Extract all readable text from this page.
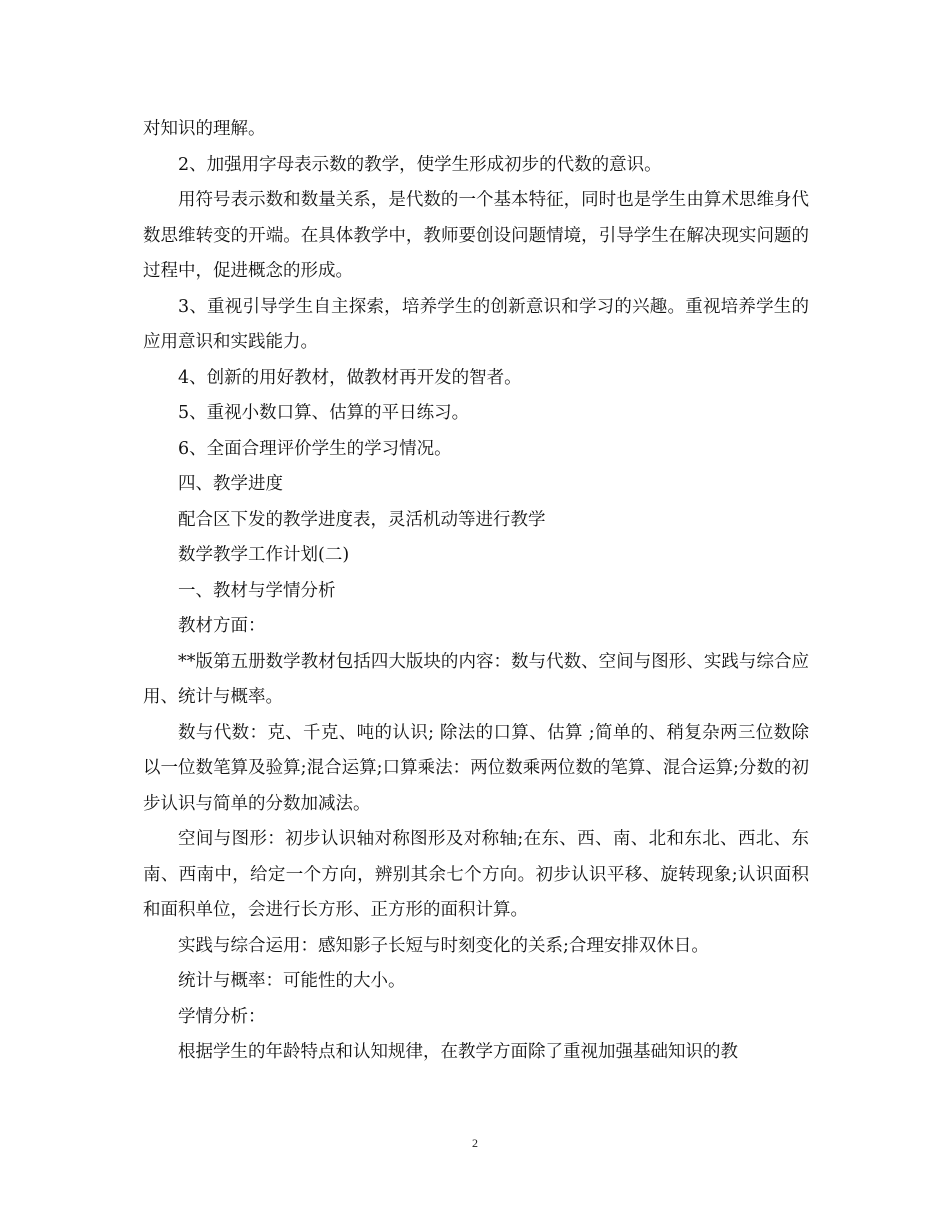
对知识的理解。

2、加强用字母表示数的教学，使学生形成初步的代数的意识。

用符号表示数和数量关系，是代数的一个基本特征，同时也是学生由算术思维身代数思维转变的开端。在具体教学中，教师要创设问题情境，引导学生在解决现实问题的过程中，促进概念的形成。

3、重视引导学生自主探索，培养学生的创新意识和学习的兴趣。重视培养学生的应用意识和实践能力。

4、创新的用好教材，做教材再开发的智者。

5、重视小数口算、估算的平日练习。

6、全面合理评价学生的学习情况。

四、教学进度

配合区下发的教学进度表，灵活机动等进行教学

数学教学工作计划(二)

一、教材与学情分析

教材方面：

**版第五册数学教材包括四大版块的内容：数与代数、空间与图形、实践与综合应用、统计与概率。

数与代数：克、千克、吨的认识; 除法的口算、估算 ;简单的、稍复杂两三位数除以一位数笔算及验算;混合运算;口算乘法：两位数乘两位数的笔算、混合运算;分数的初步认识与简单的分数加减法。

空间与图形：初步认识轴对称图形及对称轴;在东、西、南、北和东北、西北、东南、西南中，给定一个方向，辨别其余七个方向。初步认识平移、旋转现象;认识面积和面积单位，会进行长方形、正方形的面积计算。

实践与综合运用：感知影子长短与时刻变化的关系;合理安排双休日。

统计与概率：可能性的大小。

学情分析：

根据学生的年龄特点和认知规律，在教学方面除了重视加强基础知识的教

2
